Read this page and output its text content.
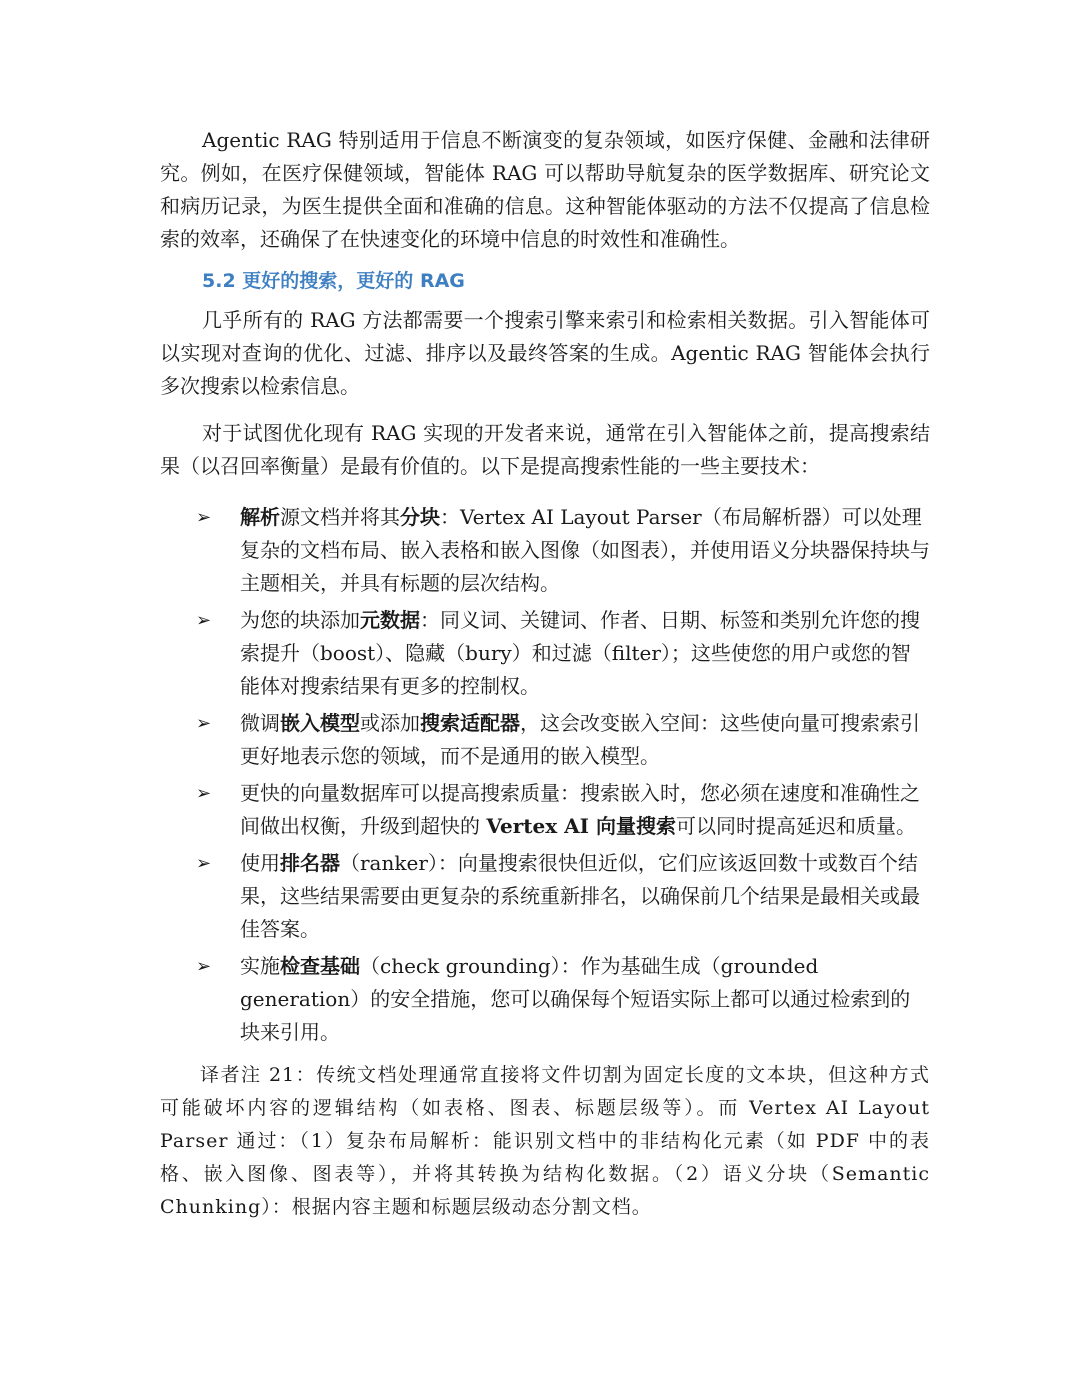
Agentic RAG 特别适用于信息不断演变的复杂领域，如医疗保健、金融和法律研究。例如，在医疗保健领域，智能体 RAG 可以帮助导航复杂的医学数据库、研究论文和病历记录，为医生提供全面和准确的信息。这种智能体驱动的方法不仅提高了信息检索的效率，还确保了在快速变化的环境中信息的时效性和准确性。

5.2 更好的搜索，更好的 RAG

几乎所有的 RAG 方法都需要一个搜索引擎来索引和检索相关数据。引入智能体可以实现对查询的优化、过滤、排序以及最终答案的生成。Agentic RAG 智能体会执行多次搜索以检索信息。

对于试图优化现有 RAG 实现的开发者来说，通常在引入智能体之前，提高搜索结果（以召回率衡量）是最有价值的。以下是提高搜索性能的一些主要技术：

➢ 解析源文档并将其分块：Vertex AI Layout Parser（布局解析器）可以处理复杂的文档布局、嵌入表格和嵌入图像（如图表），并使用语义分块器保持块与主题相关，并具有标题的层次结构。
➢ 为您的块添加元数据：同义词、关键词、作者、日期、标签和类别允许您的搜索提升（boost）、隐藏（bury）和过滤（filter）；这些使您的用户或您的智能体对搜索结果有更多的控制权。
➢ 微调嵌入模型或添加搜索适配器，这会改变嵌入空间：这些使向量可搜索索引更好地表示您的领域，而不是通用的嵌入模型。
➢ 更快的向量数据库可以提高搜索质量：搜索嵌入时，您必须在速度和准确性之间做出权衡，升级到超快的 Vertex AI 向量搜索可以同时提高延迟和质量。
➢ 使用排名器（ranker）：向量搜索很快但近似，它们应该返回数十或数百个结果，这些结果需要由更复杂的系统重新排名，以确保前几个结果是最相关或最佳答案。
➢ 实施检查基础（check grounding）：作为基础生成（grounded generation）的安全措施，您可以确保每个短语实际上都可以通过检索到的块来引用。

译者注 21：传统文档处理通常直接将文件切割为固定长度的文本块，但这种方式可能破坏内容的逻辑结构（如表格、图表、标题层级等）。而 Vertex AI Layout Parser 通过：（1）复杂布局解析：能识别文档中的非结构化元素（如 PDF 中的表格、嵌入图像、图表等），并将其转换为结构化数据。（2）语义分块（Semantic Chunking）：根据内容主题和标题层级动态分割文档。
